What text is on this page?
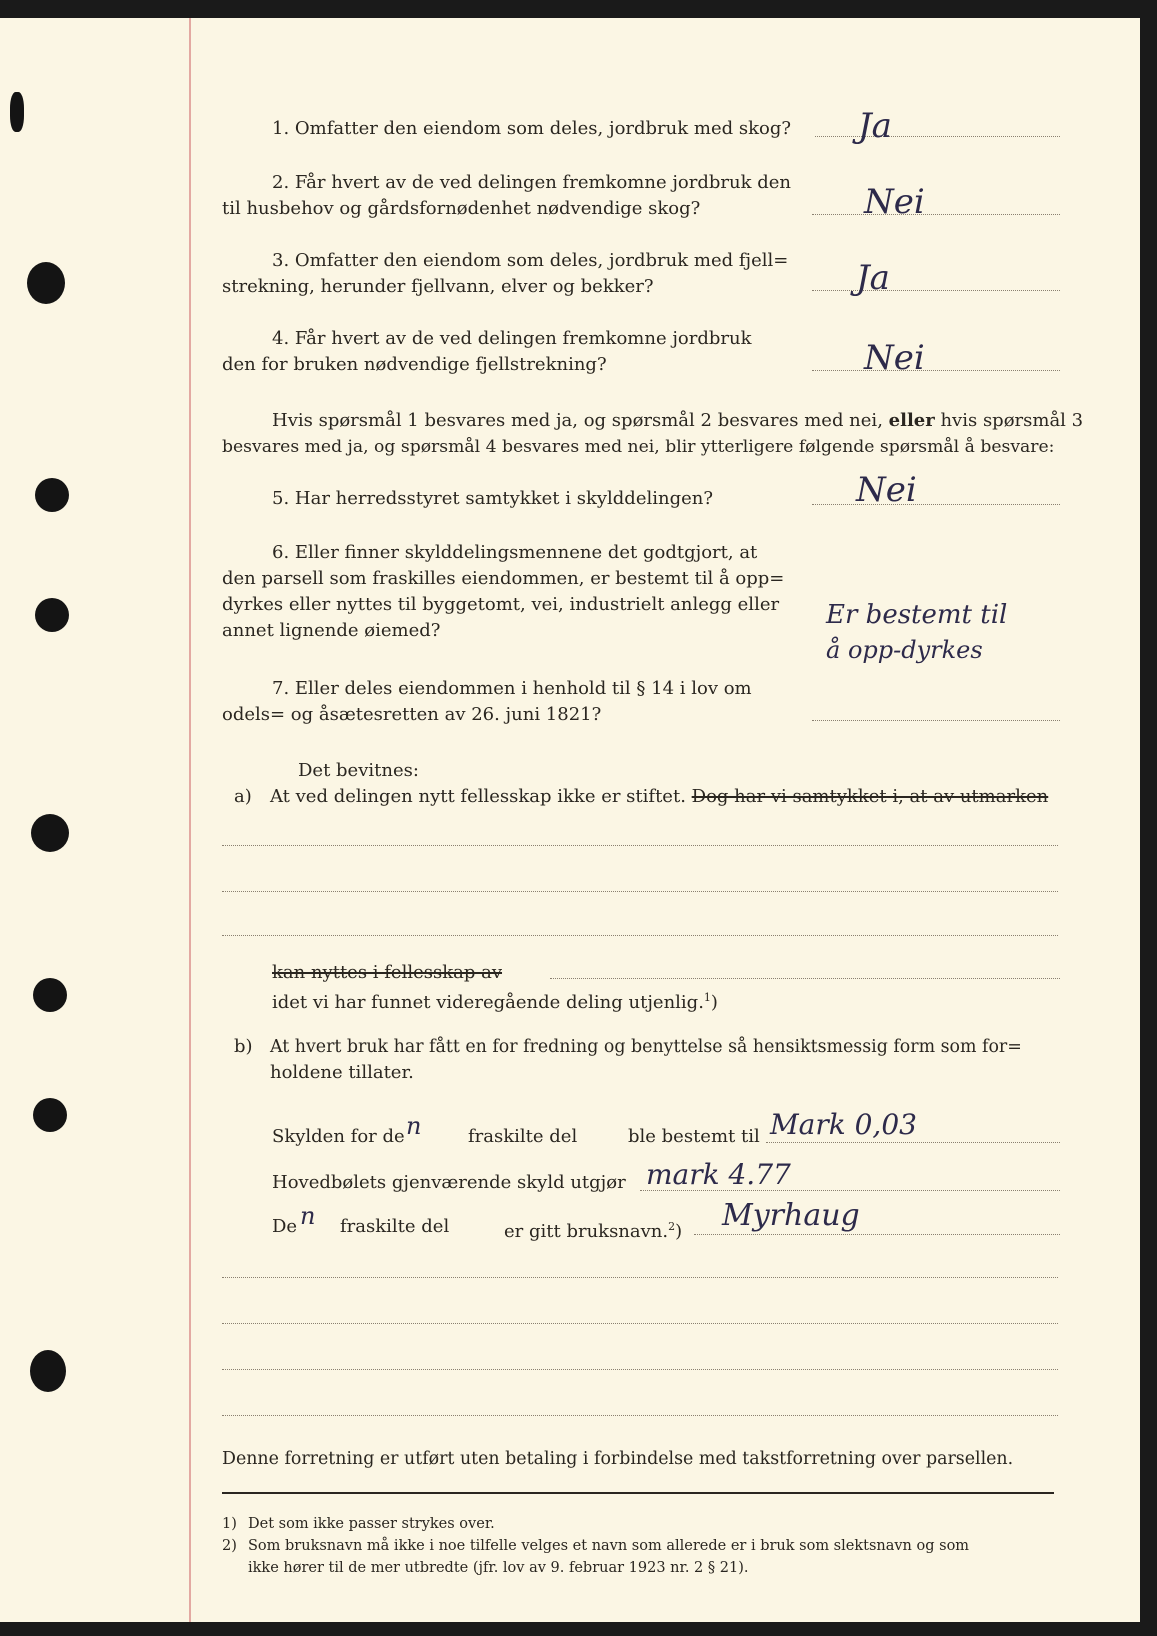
1. Omfatter den eiendom som deles, jordbruk med skog? Ja
2. Får hvert av de ved delingen fremkomne jordbruk den
til husbehov og gårdsfornødenhet nødvendige skog?	Nei
3. Omfatter den eiendom som deles, jordbruk med fjell=
strekning, herunder fjellvann, elver og bekker?	Ja
4. Får hvert av de ved delingen fremkomne jordbruk
den for bruken nødvendige fjellstrekning?	Nei
Hvis spørsmål 1 besvares med ja, og spørsmål 2 besvares med nei, eller hvis spørsmål 3
besvares med ja, og spørsmål 4 besvares med nei, blir ytterligere følgende spørsmål å besvare:
5. Har herredsstyret samtykket i skylddelingen?	Nei
6. Eller finner skylddelingsmennene det godtgjort, at
den parsell som fraskilles eiendommen, er bestemt til å opp=
dyrkes eller nyttes til byggetomt, vei, industrielt anlegg eller
annet lignende øiemed?
Er bestemt til
å opp-dyrkes
7. Eller deles eiendommen i henhold til § 14 i lov om
odels= og åsætesretten av 26. juni 1821?
Det bevitnes:
a) At ved delingen nytt fellesskap ikke er stiftet. Dog har vi samtykket i, at av utmarken
kan nyttes i fellesskap av
idet vi har funnet videregående deling utjenlig.$^1$)
b) At hvert bruk har fått en for fredning og benyttelse så hensiktsmessig form som for=
holdene tillater.
Skylden for de n	fraskilte del	ble bestemt til Mark 0,03
Hovedbølets gjenværende skyld utgjør mark 4.77
De n fraskilte del	er gitt bruksnavn.$^2$) Myrhaug
Denne forretning er utført uten betaling i forbindelse med takstforretning over parsellen.
1) Det som ikke passer strykes over.
2) Som bruksnavn må ikke i noe tilfelle velges et navn som allerede er i bruk som slektsnavn og som
ikke hører til de mer utbredte (jfr. lov av 9. februar 1923 nr. 2 § 21).
